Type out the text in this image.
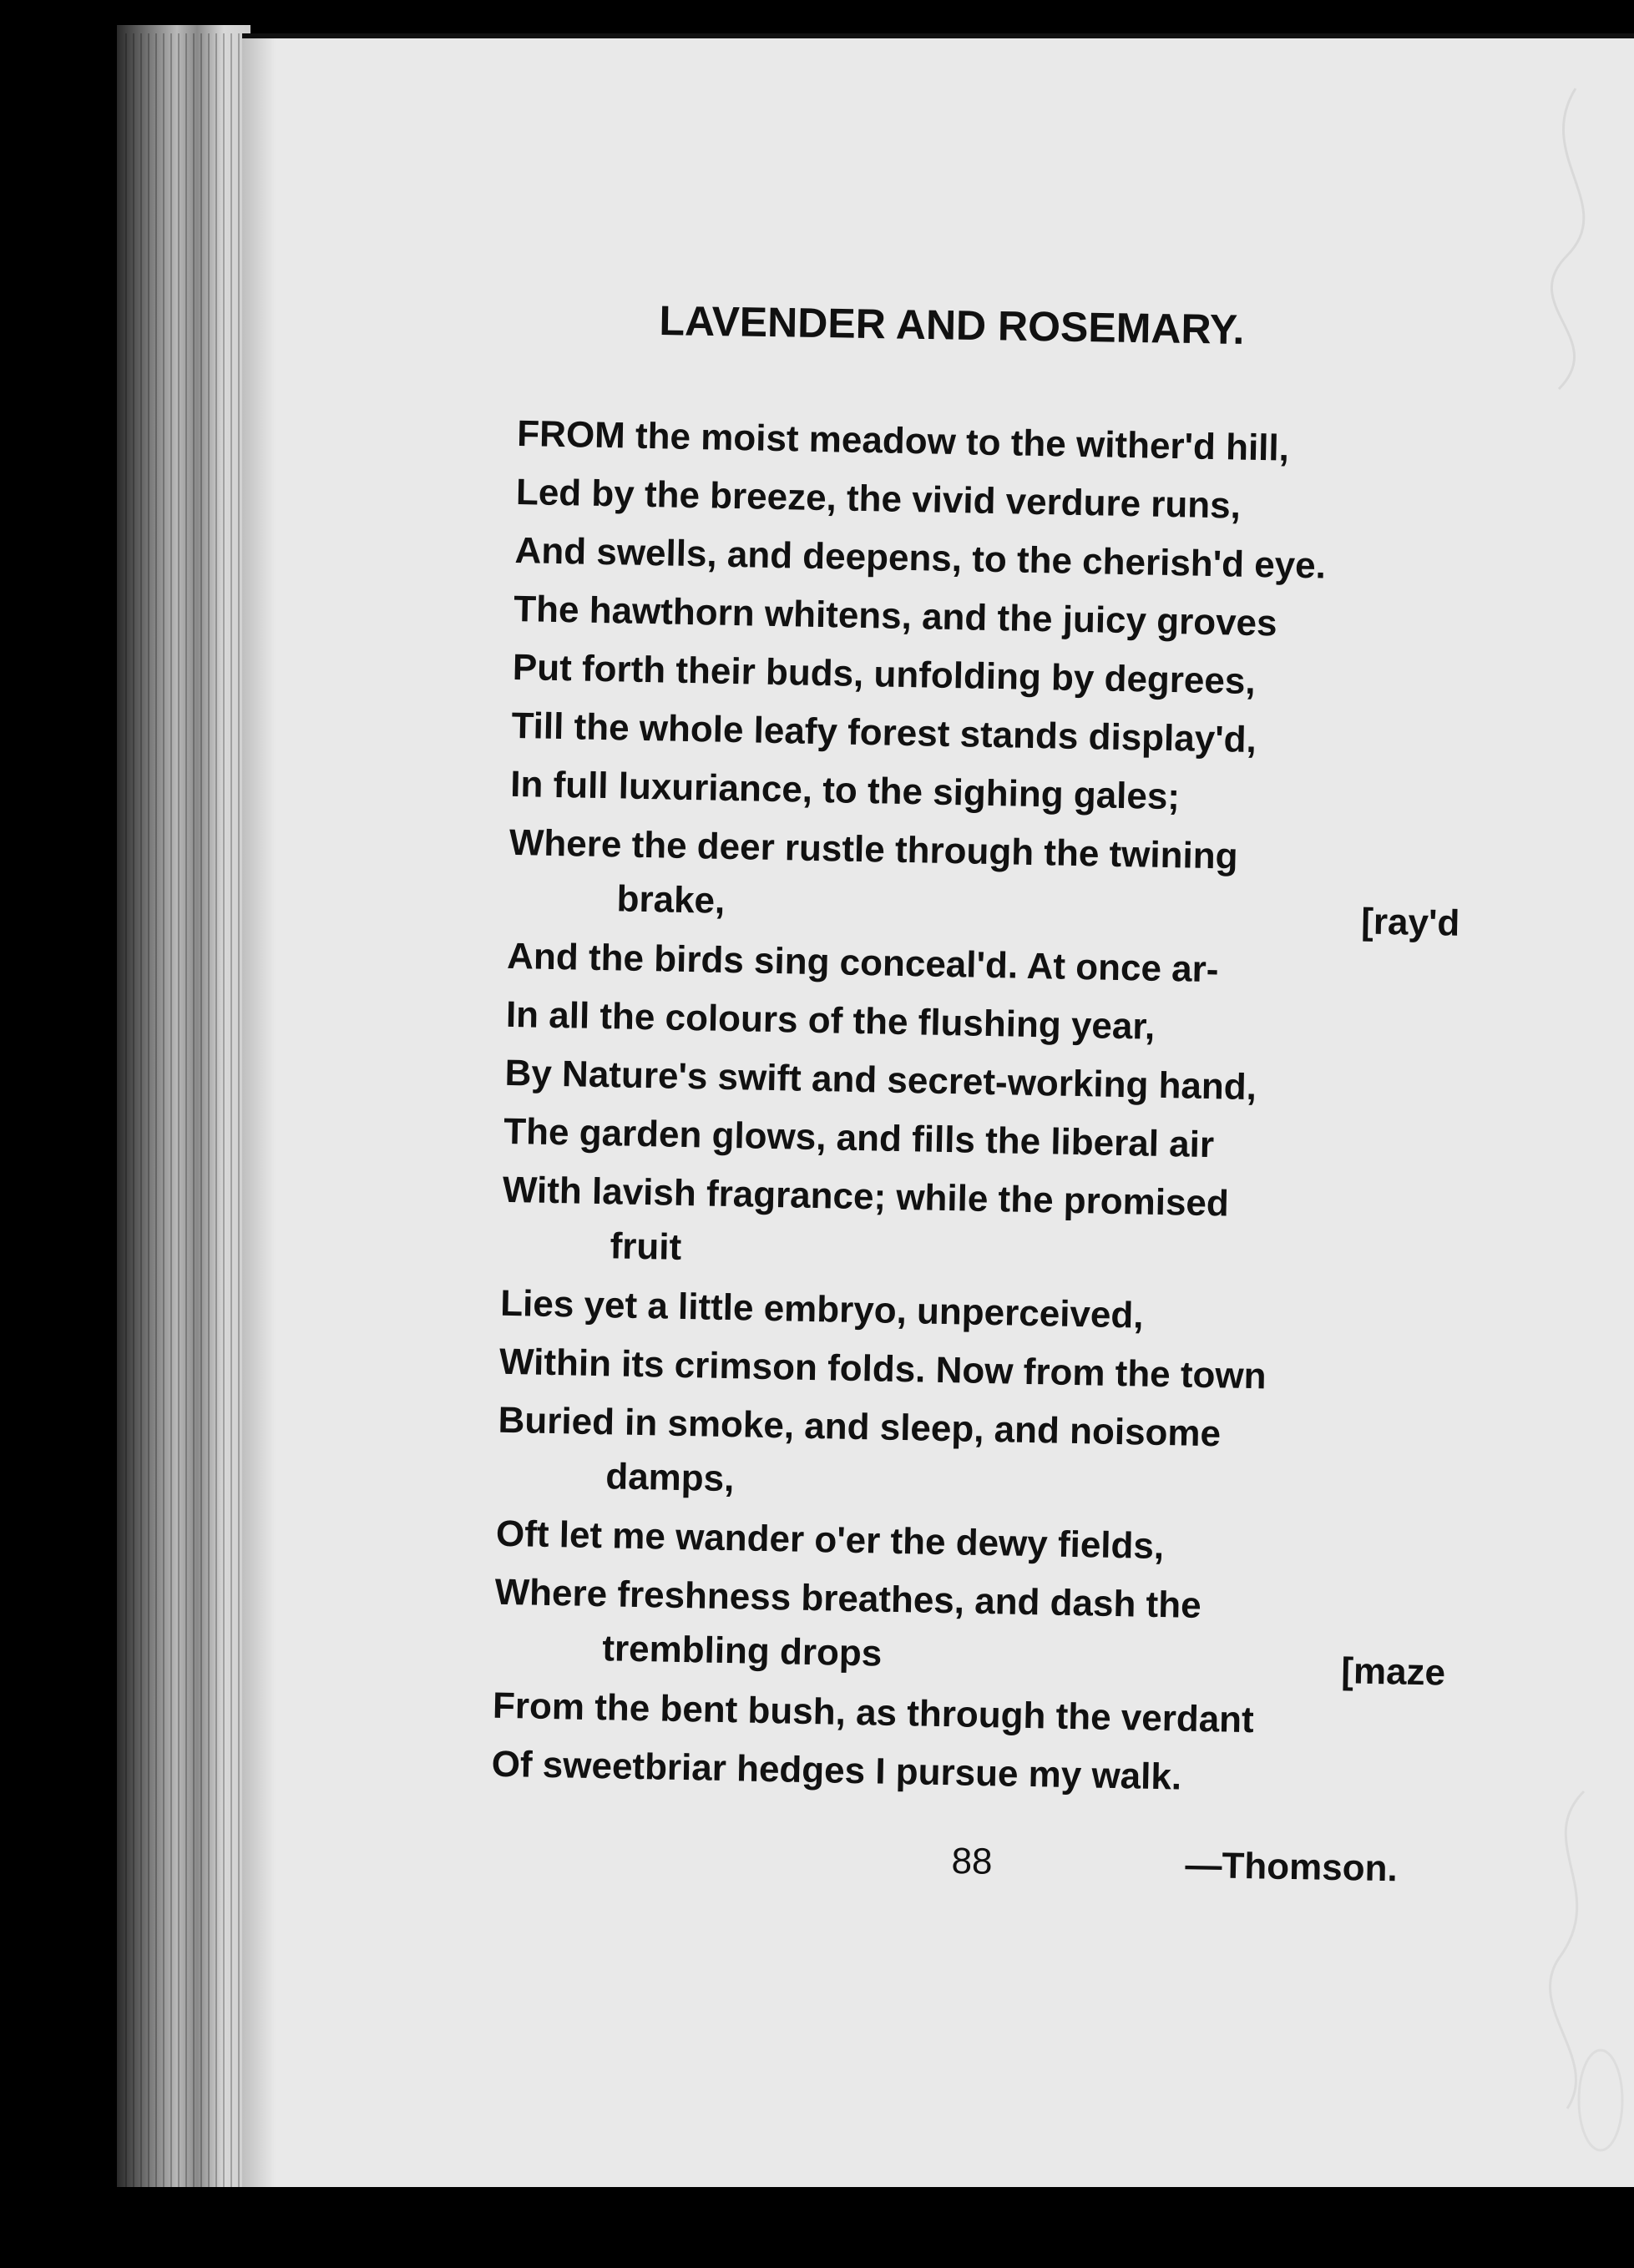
LAVENDER AND ROSEMARY.
FROM the moist meadow to the wither'd hill,
Led by the breeze, the vivid verdure runs,
And swells, and deepens, to the cherish'd eye.
The hawthorn whitens, and the juicy groves
Put forth their buds, unfolding by degrees,
Till the whole leafy forest stands display'd,
In full luxuriance, to the sighing gales;
Where the deer rustle through the twining
brake,
[ray'd
And the birds sing conceal'd. At once ar-
In all the colours of the flushing year,
By Nature's swift and secret-working hand,
The garden glows, and fills the liberal air
With lavish fragrance; while the promised
fruit
Lies yet a little embryo, unperceived,
Within its crimson folds. Now from the town
Buried in smoke, and sleep, and noisome
damps,
Oft let me wander o'er the dewy fields,
Where freshness breathes, and dash the
trembling drops	[maze
From the bent bush, as through the verdant
Of sweetbriar hedges I pursue my walk.
88	—Thomson.
